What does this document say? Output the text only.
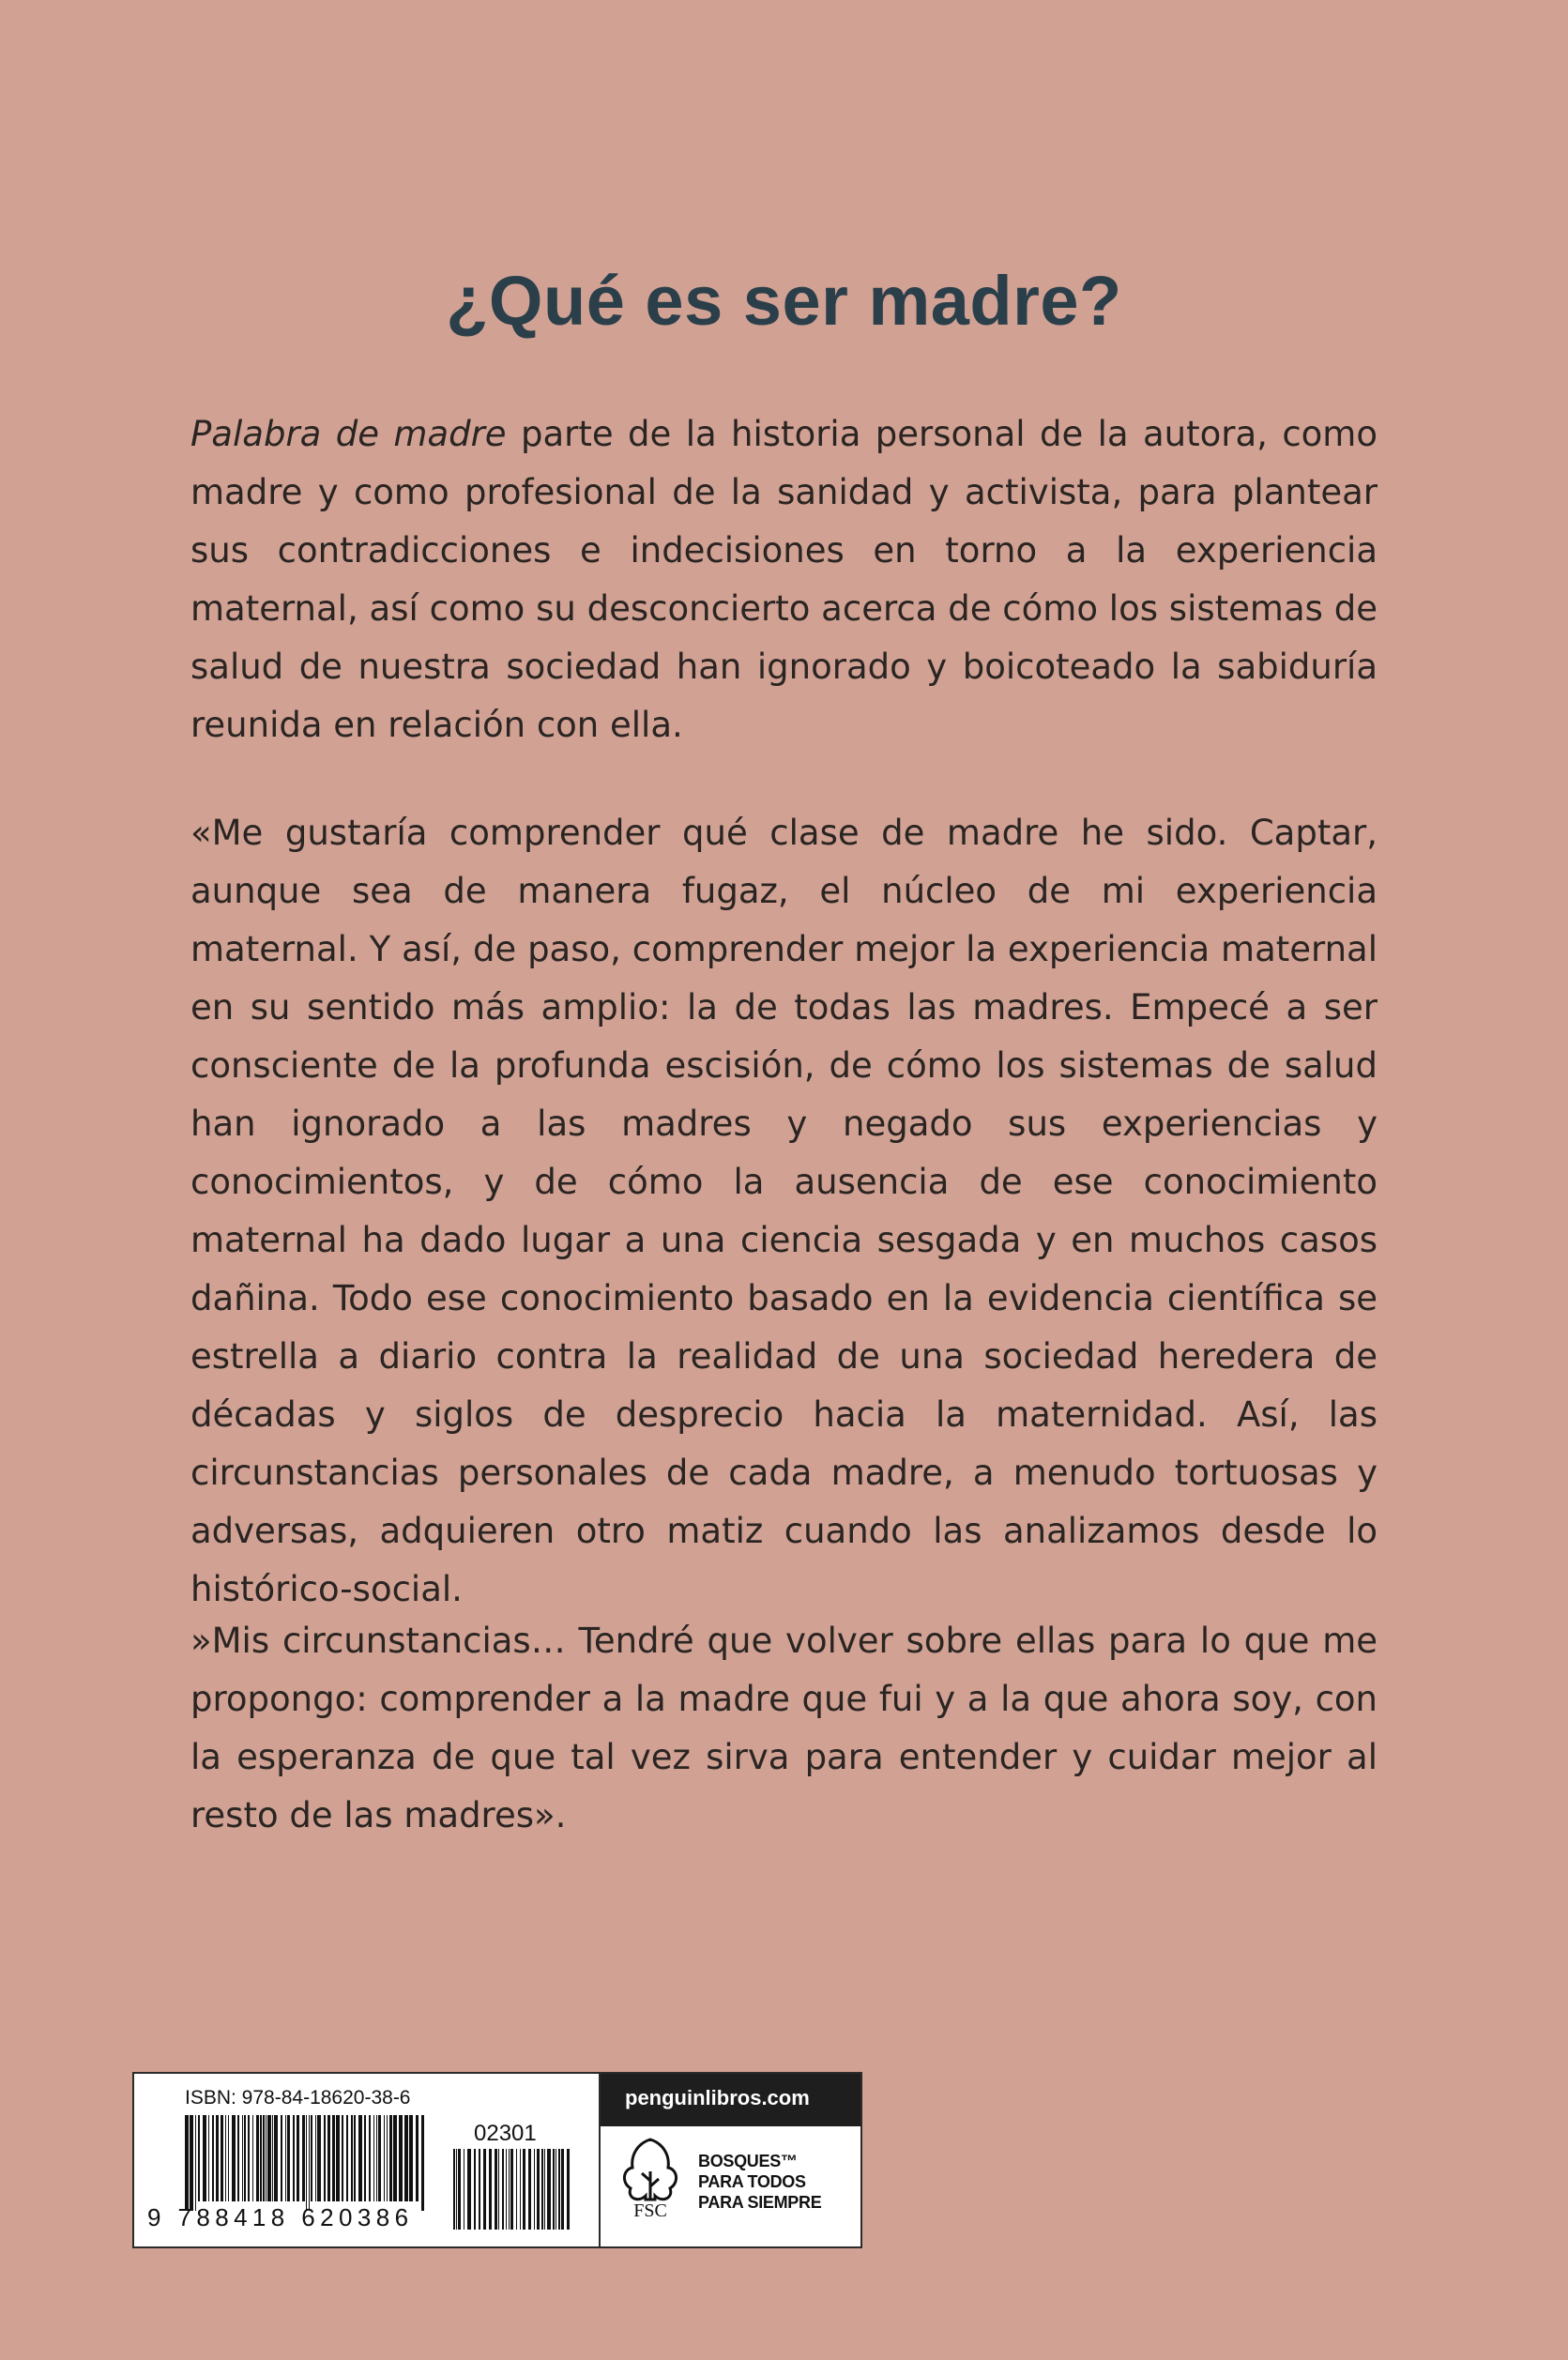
¿Qué es ser madre?

Palabra de madre parte de la historia personal de la autora, como madre y como profesional de la sanidad y activista, para plantear sus contradicciones e indecisiones en torno a la experiencia maternal, así como su desconcierto acerca de cómo los sistemas de salud de nuestra sociedad han ignorado y boicoteado la sabiduría reunida en relación con ella.

«Me gustaría comprender qué clase de madre he sido. Captar, aunque sea de manera fugaz, el núcleo de mi experiencia maternal. Y así, de paso, comprender mejor la experiencia maternal en su sentido más amplio: la de todas las madres. Empecé a ser consciente de la profunda escisión, de cómo los sistemas de salud han ignorado a las madres y negado sus experiencias y conocimientos, y de cómo la ausencia de ese conocimiento maternal ha dado lugar a una ciencia sesgada y en muchos casos dañina. Todo ese conocimiento basado en la evidencia científica se estrella a diario contra la realidad de una sociedad heredera de décadas y siglos de desprecio hacia la maternidad. Así, las circunstancias personales de cada madre, a menudo tortuosas y adversas, adquieren otro matiz cuando las analizamos desde lo histórico-social.

»Mis circunstancias… Tendré que volver sobre ellas para lo que me propongo: comprender a la madre que fui y a la que ahora soy, con la esperanza de que tal vez sirva para entender y cuidar mejor al resto de las madres».

ISBN: 978-84-18620-38-6
9 788418 620386
02301
penguinlibros.com
FSC
BOSQUES™
PARA TODOS
PARA SIEMPRE
